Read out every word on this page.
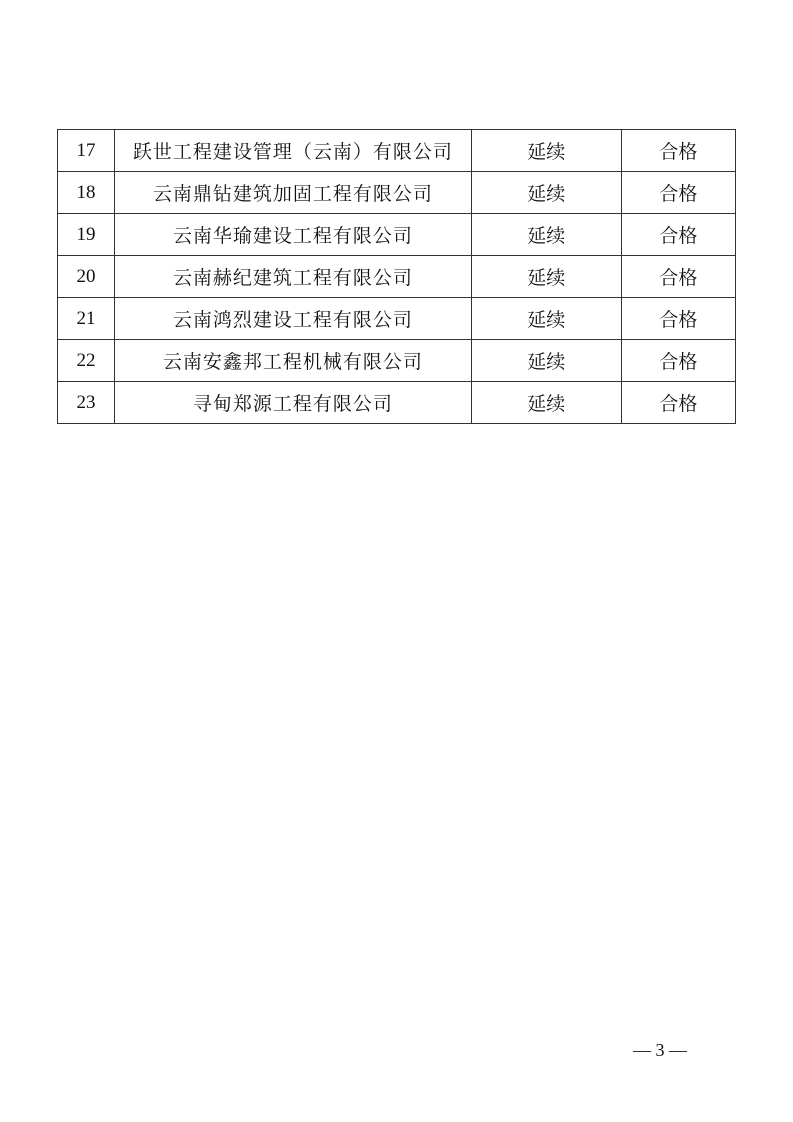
17	跃世工程建设管理（云南）有限公司	延续	合格
18	云南鼎钻建筑加固工程有限公司	延续	合格
19	云南华瑜建设工程有限公司	延续	合格
20	云南赫纪建筑工程有限公司	延续	合格
21	云南鸿烈建设工程有限公司	延续	合格
22	云南安鑫邦工程机械有限公司	延续	合格
23	寻甸郑源工程有限公司	延续	合格
— 3 —
